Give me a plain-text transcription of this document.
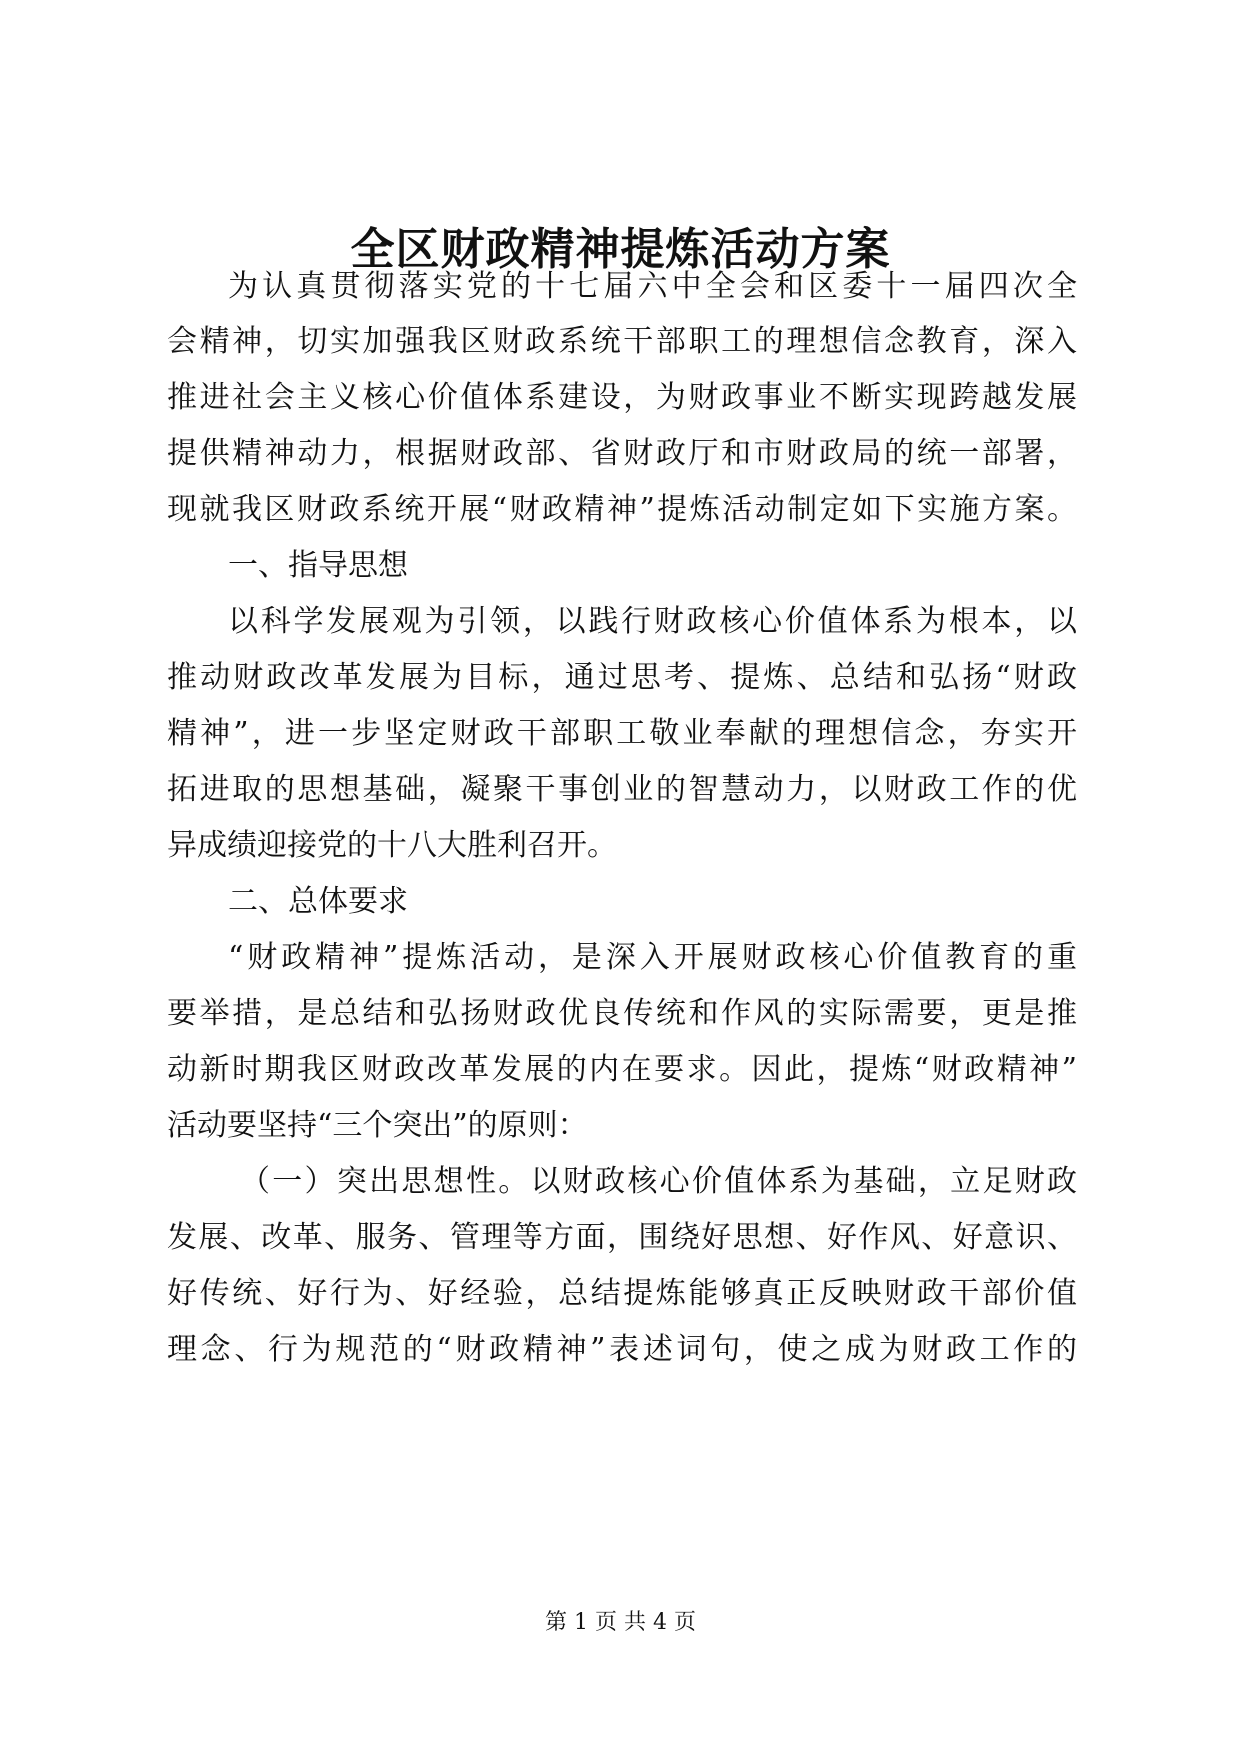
全区财政精神提炼活动方案
为认真贯彻落实党的十七届六中全会和区委十一届四次全
会精神，切实加强我区财政系统干部职工的理想信念教育，深入
推进社会主义核心价值体系建设，为财政事业不断实现跨越发展
提供精神动力，根据财政部、省财政厅和市财政局的统一部署，
现就我区财政系统开展“财政精神”提炼活动制定如下实施方案。
一、指导思想
以科学发展观为引领，以践行财政核心价值体系为根本，以
推动财政改革发展为目标，通过思考、提炼、总结和弘扬“财政
精神”，进一步坚定财政干部职工敬业奉献的理想信念，夯实开
拓进取的思想基础，凝聚干事创业的智慧动力，以财政工作的优
异成绩迎接党的十八大胜利召开。
二、总体要求
“财政精神”提炼活动，是深入开展财政核心价值教育的重
要举措，是总结和弘扬财政优良传统和作风的实际需要，更是推
动新时期我区财政改革发展的内在要求。因此，提炼“财政精神”
活动要坚持“三个突出”的原则：
（一）突出思想性。以财政核心价值体系为基础，立足财政
发展、改革、服务、管理等方面，围绕好思想、好作风、好意识、
好传统、好行为、好经验，总结提炼能够真正反映财政干部价值
理念、行为规范的“财政精神”表述词句，使之成为财政工作的
第 1 页 共 4 页
